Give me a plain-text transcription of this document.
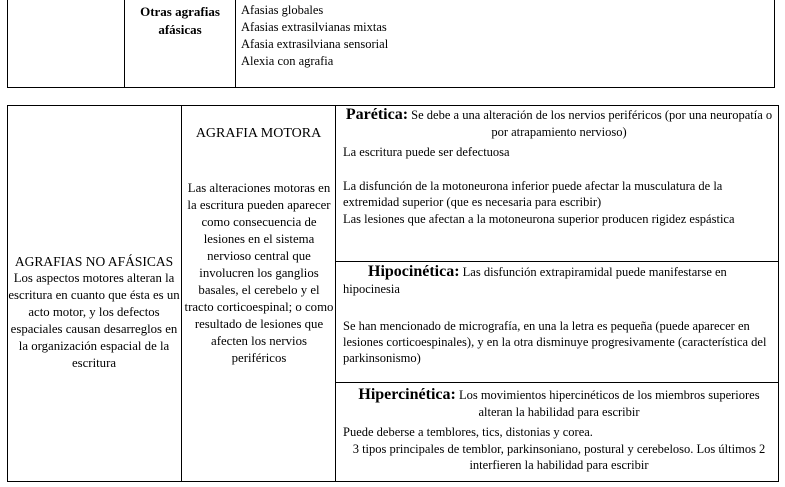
Otras agrafias afásicas
Afasias globales
Afasias extrasilvianas mixtas
Afasia extrasilviana sensorial
Alexia con agrafia
AGRAFIAS NO AFÁSICAS
Los aspectos motores alteran la escritura en cuanto que ésta es un acto motor, y los defectos espaciales causan desarreglos en la organización espacial de la escritura
AGRAFIA MOTORA
Las alteraciones motoras en la escritura pueden aparecer como consecuencia de lesiones en el sistema nervioso central que involucren los ganglios basales, el cerebelo y el tracto corticoespinal; o como resultado de lesiones que afecten los nervios periféricos
Parética: Se debe a una alteración de los nervios periféricos (por una neuropatía o por atrapamiento nervioso)
La escritura puede ser defectuosa
La disfunción de la motoneurona inferior puede afectar la musculatura de la extremidad superior (que es necesaria para escribir)
Las lesiones que afectan a la motoneurona superior producen rigidez espástica
Hipocinética: Las disfunción extrapiramidal puede manifestarse en hipocinesia
Se han mencionado de micrografía, en una la letra es pequeña (puede aparecer en lesiones corticoespinales), y en la otra disminuye progresivamente (característica del parkinsonismo)
Hipercinética: Los movimientos hipercinéticos de los miembros superiores alteran la habilidad para escribir
Puede deberse a temblores, tics, distonias y corea.
3 tipos principales de temblor, parkinsoniano, postural y cerebeloso. Los últimos 2 interfieren la habilidad para escribir
